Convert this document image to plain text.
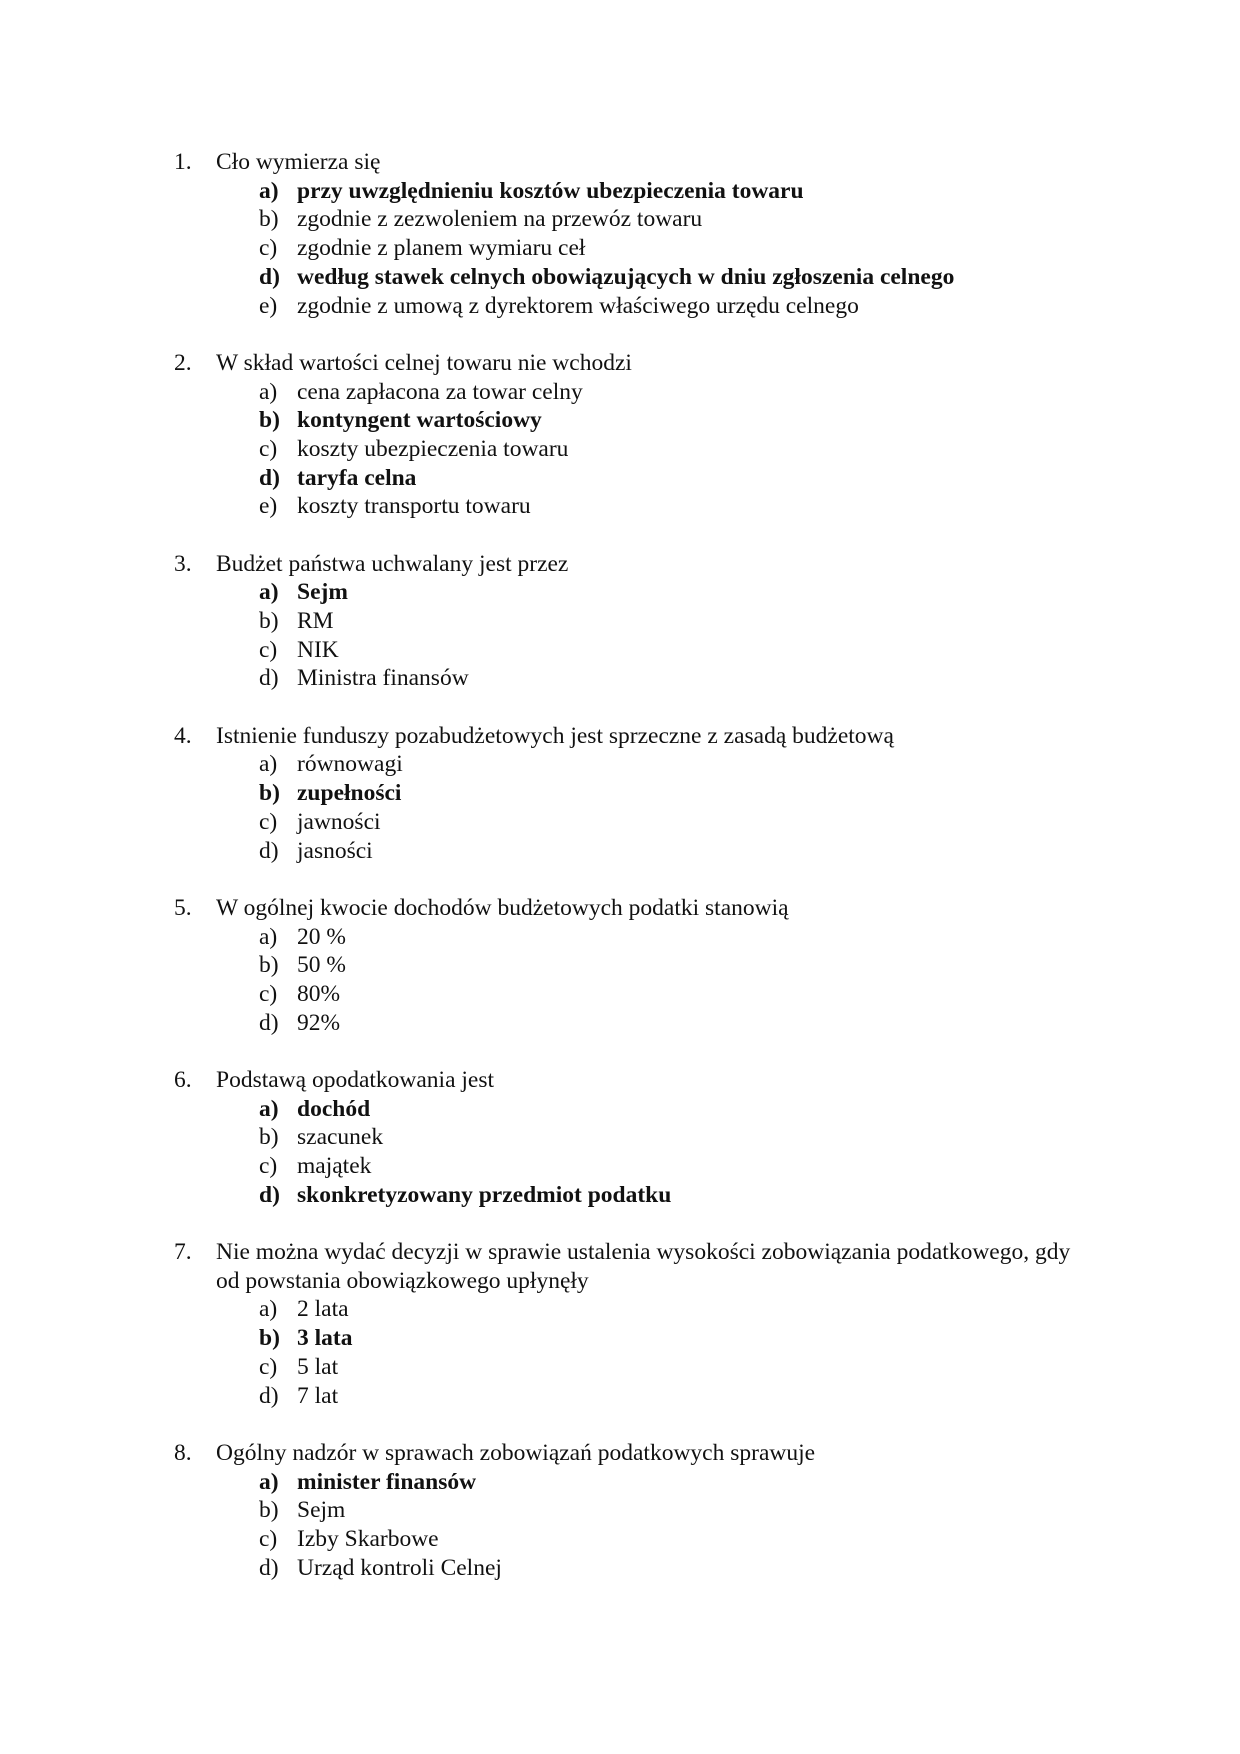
1.	Cło wymierza się
a) przy uwzględnieniu kosztów ubezpieczenia towaru
b) zgodnie z zezwoleniem na przewóz towaru
c) zgodnie z planem wymiaru ceł
d) według stawek celnych obowiązujących w dniu zgłoszenia celnego
e) zgodnie z umową z dyrektorem właściwego urzędu celnego
2.	W skład wartości celnej towaru nie wchodzi
a) cena zapłacona za towar celny
b) kontyngent wartościowy
c) koszty ubezpieczenia towaru
d) taryfa celna
e) koszty transportu towaru
3.	Budżet państwa uchwalany jest przez
a) Sejm
b) RM
c) NIK
d) Ministra finansów
4.	Istnienie funduszy pozabudżetowych jest sprzeczne z zasadą budżetową
a) równowagi
b) zupełności
c) jawności
d) jasności
5.	W ogólnej kwocie dochodów budżetowych podatki stanowią
a) 20 %
b) 50 %
c) 80%
d) 92%
6.	Podstawą opodatkowania jest
a) dochód
b) szacunek
c) majątek
d) skonkretyzowany przedmiot podatku
7.	Nie można wydać decyzji w sprawie ustalenia wysokości zobowiązania podatkowego, gdy od powstania obowiązkowego upłynęły
a) 2 lata
b) 3 lata
c) 5 lat
d) 7 lat
8.	Ogólny nadzór w sprawach zobowiązań podatkowych sprawuje
a) minister finansów
b) Sejm
c) Izby Skarbowe
d) Urząd kontroli Celnej
